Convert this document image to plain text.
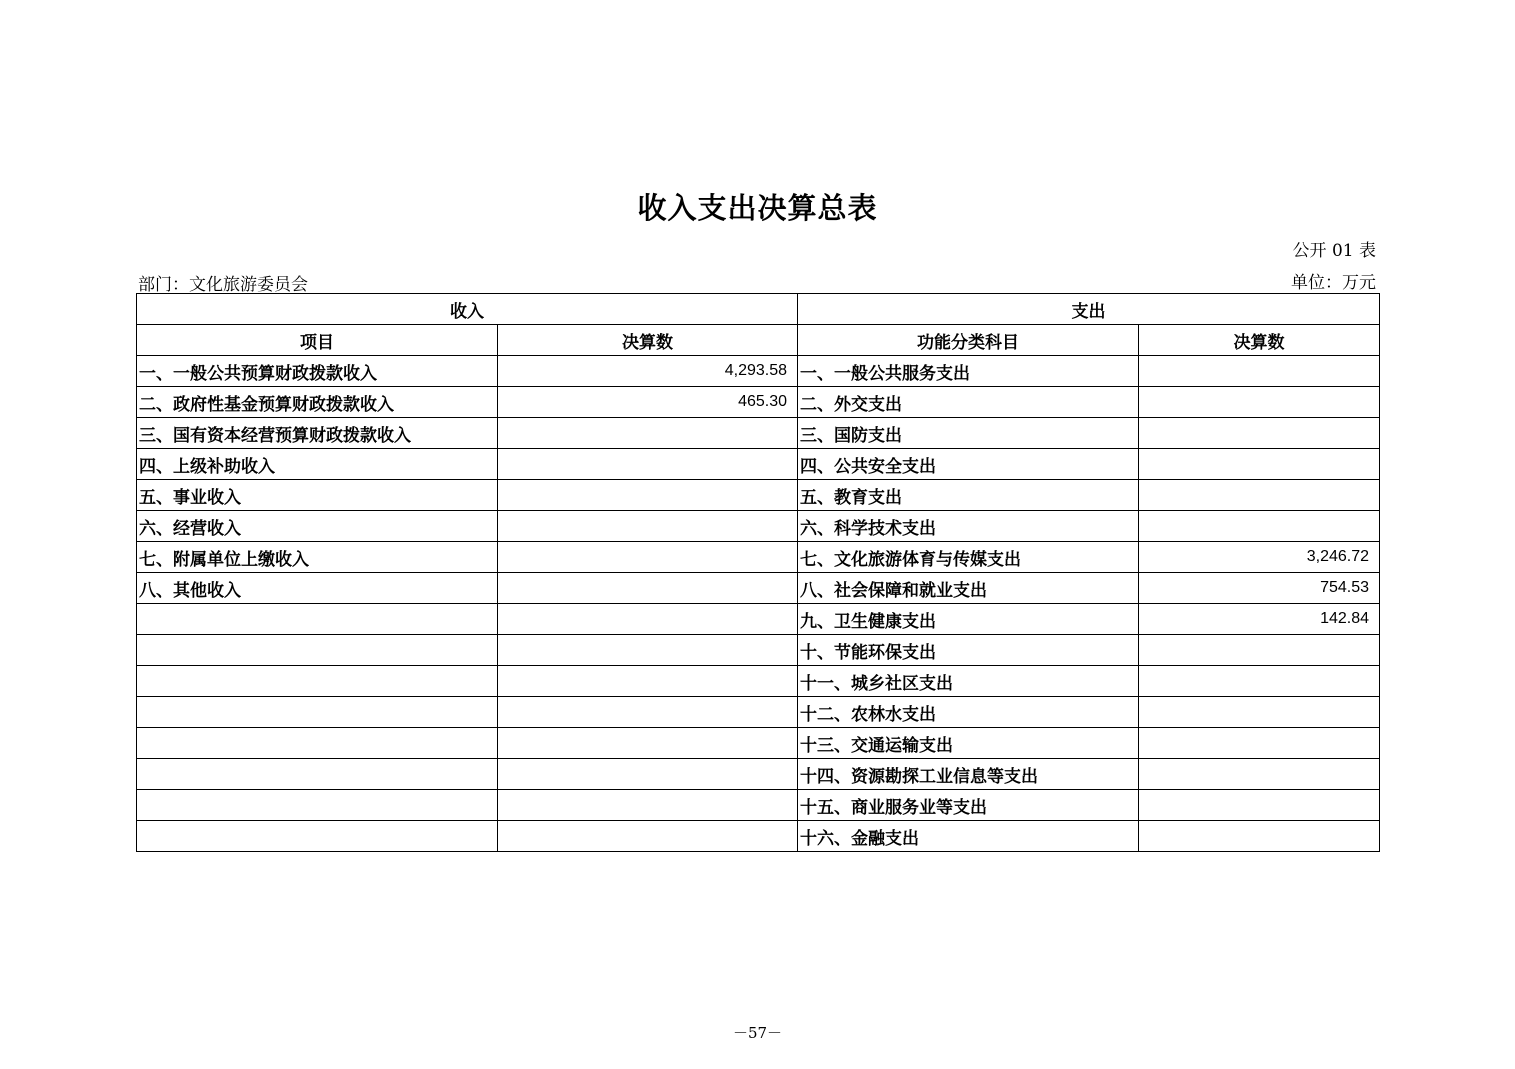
收入支出决算总表
公开 01 表
部门：文化旅游委员会	单位：万元
收入		支出	
项目	决算数	功能分类科目	决算数
一、一般公共预算财政拨款收入	4,293.58	一、一般公共服务支出	
二、政府性基金预算财政拨款收入	465.30	二、外交支出	
三、国有资本经营预算财政拨款收入		三、国防支出	
四、上级补助收入		四、公共安全支出	
五、事业收入		五、教育支出	
六、经营收入		六、科学技术支出	
七、附属单位上缴收入		七、文化旅游体育与传媒支出	3,246.72
八、其他收入		八、社会保障和就业支出	754.53
		九、卫生健康支出	142.84
		十、节能环保支出	
		十一、城乡社区支出	
		十二、农林水支出	
		十三、交通运输支出	
		十四、资源勘探工业信息等支出	
		十五、商业服务业等支出	
		十六、金融支出	
－57－
